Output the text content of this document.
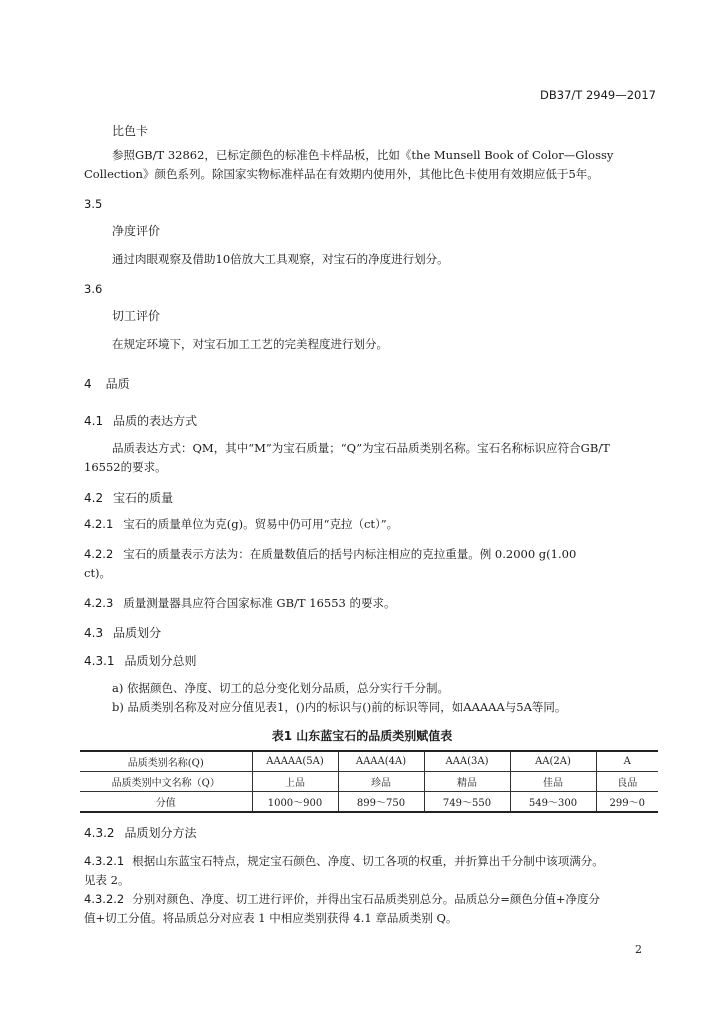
DB37/T 2949—2017
比色卡
参照GB/T 32862，已标定颜色的标准色卡样品板，比如《the Munsell Book of Color—Glossy
Collection》颜色系列。除国家实物标准样品在有效期内使用外，其他比色卡使用有效期应低于5年。
3.5
净度评价
通过肉眼观察及借助10倍放大工具观察，对宝石的净度进行划分。
3.6
切工评价
在规定环境下，对宝石加工工艺的完美程度进行划分。
4 品质
4.1 品质的表达方式
品质表达方式：QM，其中“M”为宝石质量；“Q”为宝石品质类别名称。宝石名称标识应符合GB/T
16552的要求。
4.2 宝石的质量
4.2.1 宝石的质量单位为克(g)。贸易中仍可用“克拉（ct）”。
4.2.2 宝石的质量表示方法为：在质量数值后的括号内标注相应的克拉重量。例 0.2000 g(1.00
ct)。
4.2.3 质量测量器具应符合国家标准 GB/T 16553 的要求。
4.3 品质划分
4.3.1 品质划分总则
a) 依据颜色、净度、切工的总分变化划分品质，总分实行千分制。
b) 品质类别名称及对应分值见表1，()内的标识与()前的标识等同，如AAAAA与5A等同。
表1 山东蓝宝石的品质类别赋值表
品质类别名称(Q)	AAAAA(5A)	AAAA(4A)	AAA(3A)	AA(2A)	A
品质类别中文名称（Q）	上品	珍品	精品	佳品	良品
分值	1000～900	899～750	749～550	549～300	299～0
4.3.2 品质划分方法
4.3.2.1 根据山东蓝宝石特点，规定宝石颜色、净度、切工各项的权重，并折算出千分制中该项满分。
见表 2。
4.3.2.2 分别对颜色、净度、切工进行评价，并得出宝石品质类别总分。品质总分=颜色分值+净度分
值+切工分值。将品质总分对应表 1 中相应类别获得 4.1 章品质类别 Q。
2
